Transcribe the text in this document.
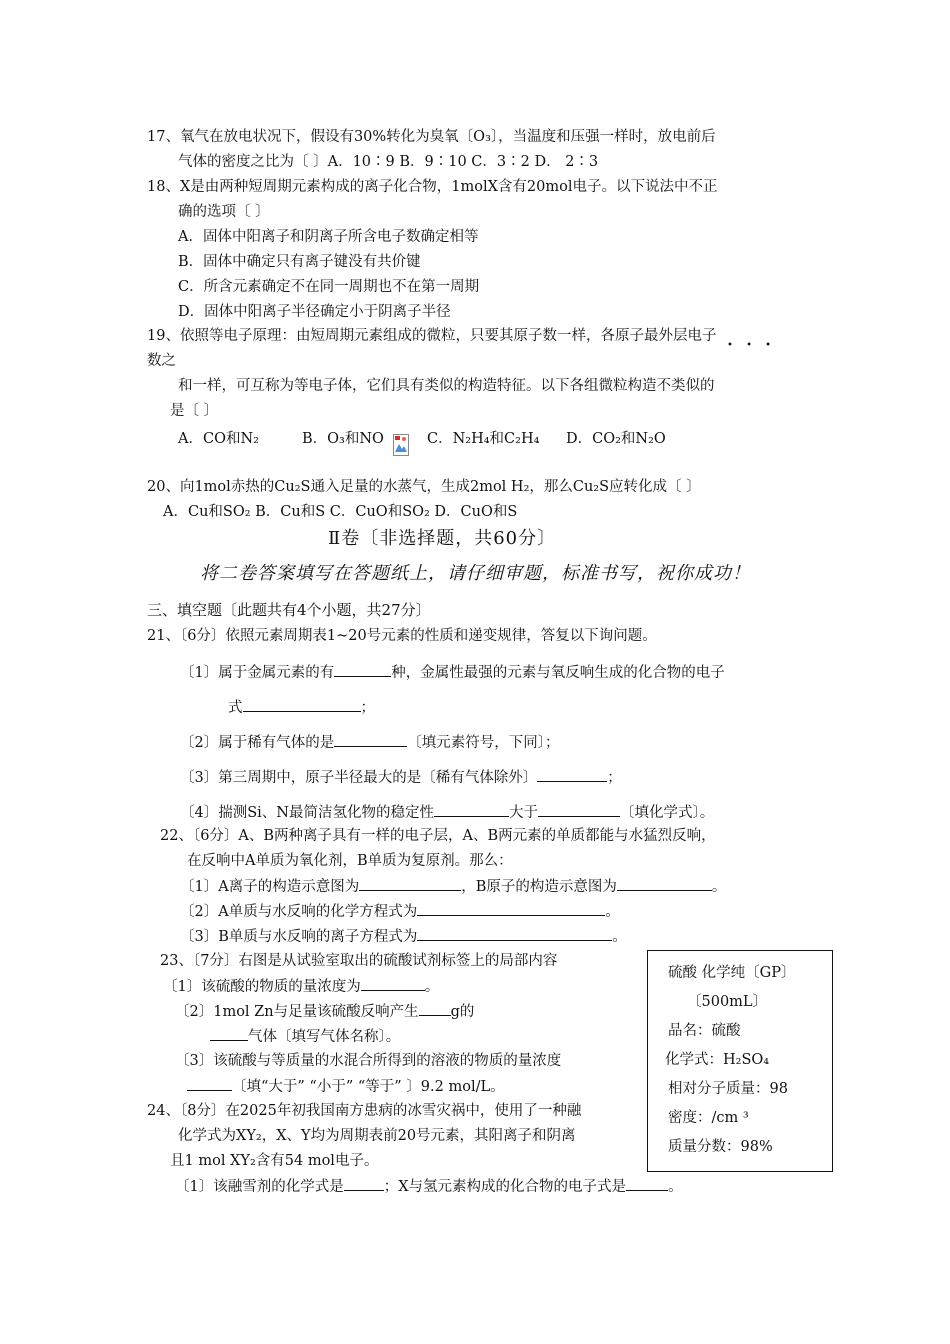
17、氧气在放电状况下，假设有30%转化为臭氧〔O₃〕，当温度和压强一样时，放电前后
气体的密度之比为〔 〕A．10∶9 B．9∶10 C．3∶2 D． 2∶3
18、X是由两种短周期元素构成的离子化合物，1molX含有20mol电子。以下说法中不正
确的选项〔 〕
A．固体中阳离子和阴离子所含电子数确定相等
B．固体中确定只有离子键没有共价键
C．所含元素确定不在同一周期也不在第一周期
D．固体中阳离子半径确定小于阴离子半径
19、依照等电子原理：由短周期元素组成的微粒，只要其原子数一样，各原子最外层电子
• • •
数之
和一样，可互称为等电子体，它们具有类似的构造特征。以下各组微粒构造不类似的
是〔 〕
A．CO和N₂	B．O₃和NO	C．N₂H₄和C₂H₄ D．CO₂和N₂O
20、向1mol赤热的Cu₂S通入足量的水蒸气，生成2mol H₂，那么Cu₂S应转化成〔 〕
A．Cu和SO₂ B．Cu和S C．CuO和SO₂ D．CuO和S
Ⅱ卷〔非选择题，共60分〕
将二卷答案填写在答题纸上，请仔细审题，标准书写，祝你成功！
三、填空题〔此题共有4个小题，共27分〕
21、〔6分〕依照元素周期表1~20号元素的性质和递变规律，答复以下询问题。
〔1〕属于金属元素的有	种，金属性最强的元素与氧反响生成的化合物的电子
式	；
〔2〕属于稀有气体的是	〔填元素符号，下同〕；
〔3〕第三周期中，原子半径最大的是〔稀有气体除外〕	；
〔4〕揣测Si、N最简洁氢化物的稳定性	大于	〔填化学式〕。
22、〔6分〕A、B两种离子具有一样的电子层，A、B两元素的单质都能与水猛烈反响，
在反响中A单质为氧化剂，B单质为复原剂。那么：
〔1〕A离子的构造示意图为	，B原子的构造示意图为	。
〔2〕A单质与水反响的化学方程式为	。
〔3〕B单质与水反响的离子方程式为	。
23、〔7分〕右图是从试验室取出的硫酸试剂标签上的局部内容
〔1〕该硫酸的物质的量浓度为	。
〔2〕1mol Zn与足量该硫酸反响产生 g的
气体〔填写气体名称〕。
〔3〕该硫酸与等质量的水混合所得到的溶液的物质的量浓度
〔填“大于” “小于” “等于” 〕9.2 mol/L。
24、〔8分〕在2025年初我国南方患病的冰雪灾祸中，使用了一种融
化学式为XY₂，X、Y均为周期表前20号元素，其阳离子和阴离
且1 mol XY₂含有54 mol电子。
〔1〕该融雪剂的化学式是	；X与氢元素构成的化合物的电子式是	。
硫酸 化学纯〔GP〕
〔500mL〕
品名：硫酸
化学式：H₂SO₄
相对分子质量：98
密度：/cm ³
质量分数：98%
